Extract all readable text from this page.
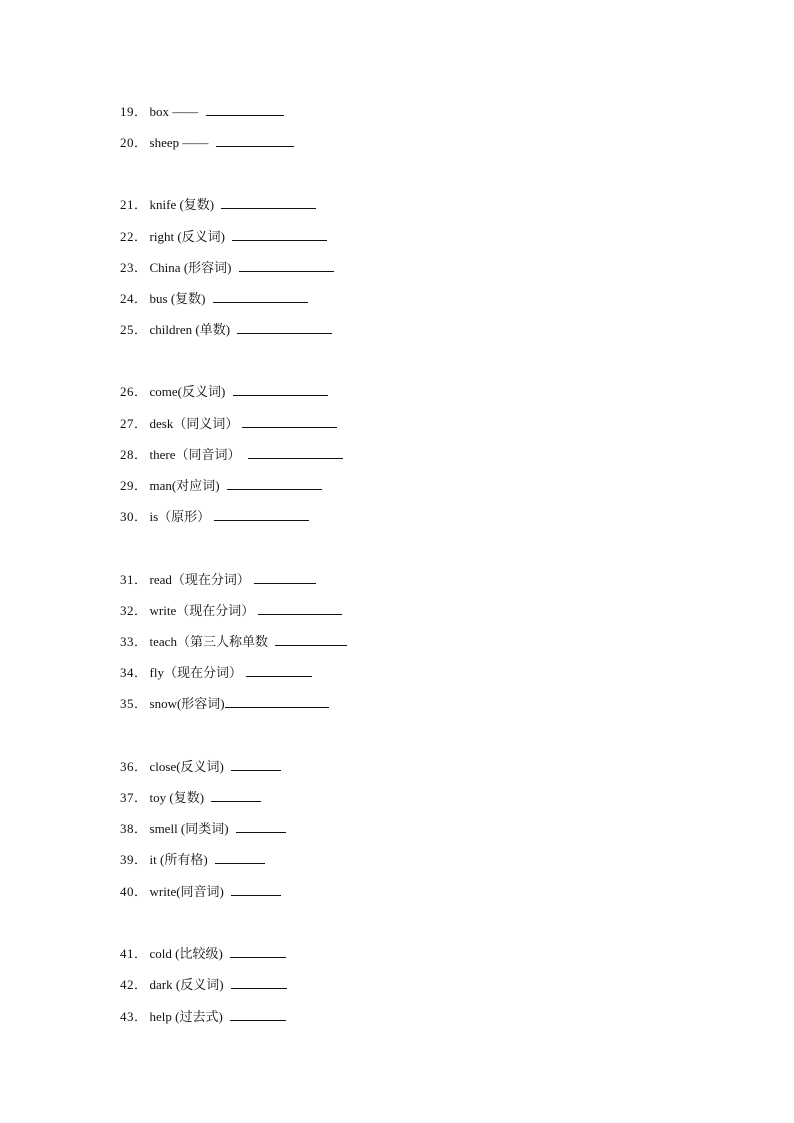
19． box ——
20． sheep ——
21． knife (复数)
22． right (反义词)
23． China (形容词)
24． bus (复数)
25． children (单数)
26． come(反义词)
27． desk（同义词）
28． there（同音词）
29． man(对应词)
30． is（原形）
31． read（现在分词）
32． write（现在分词）
33． teach（第三人称单数
34． fly（现在分词）
35． snow(形容词)
36． close(反义词)
37． toy (复数)
38． smell (同类词)
39． it (所有格)
40． write(同音词)
41． cold (比较级)
42． dark (反义词)
43． help (过去式)
